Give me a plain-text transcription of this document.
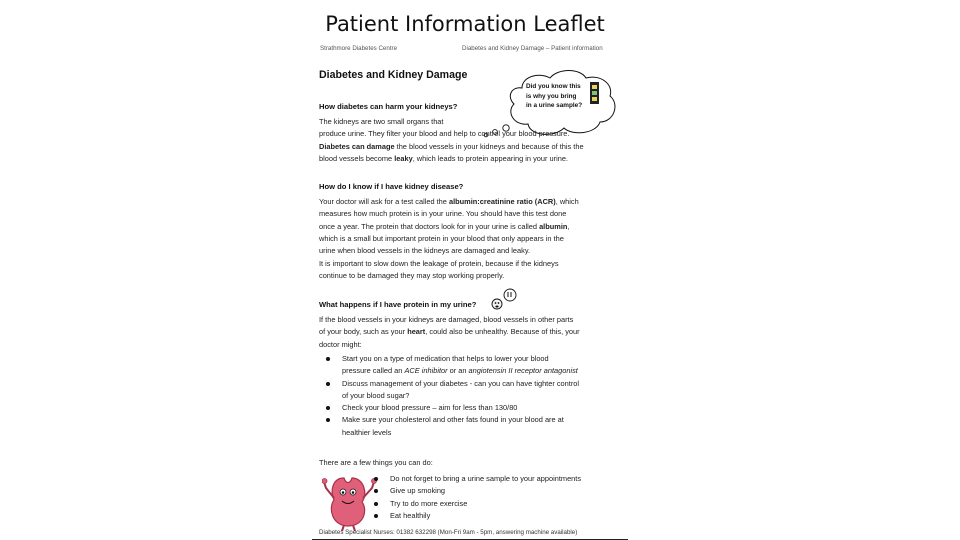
Patient Information Leaflet
Strathmore Diabetes Centre	Diabetes and Kidney Damage – Patient information
Diabetes and Kidney Damage
Did you know this
is why you bring
in a urine sample?
How diabetes can harm your kidneys?
The kidneys are two small organs that
produce urine. They filter your blood and help to control your blood pressure.
Diabetes can damage the blood vessels in your kidneys and because of this the
blood vessels become leaky, which leads to protein appearing in your urine.
How do I know if I have kidney disease?
Your doctor will ask for a test called the albumin:creatinine ratio (ACR), which
measures how much protein is in your urine. You should have this test done
once a year. The protein that doctors look for in your urine is called albumin,
which is a small but important protein in your blood that only appears in the
urine when blood vessels in the kidneys are damaged and leaky.
It is important to slow down the leakage of protein, because if the kidneys
continue to be damaged they may stop working properly.
What happens if I have protein in my urine?
If the blood vessels in your kidneys are damaged, blood vessels in other parts
of your body, such as your heart, could also be unhealthy. Because of this, your
doctor might:
Start you on a type of medication that helps to lower your blood
pressure called an ACE inhibitor or an angiotensin II receptor antagonist
Discuss management of your diabetes - can you can have tighter control
of your blood sugar?
Check your blood pressure – aim for less than 130/80
Make sure your cholesterol and other fats found in your blood are at
healthier levels
There are a few things you can do:
Do not forget to bring a urine sample to your appointments
Give up smoking
Try to do more exercise
Eat healthily
Diabetes Specialist Nurses: 01382 632298 (Mon-Fri 9am - 5pm, answering machine available)
